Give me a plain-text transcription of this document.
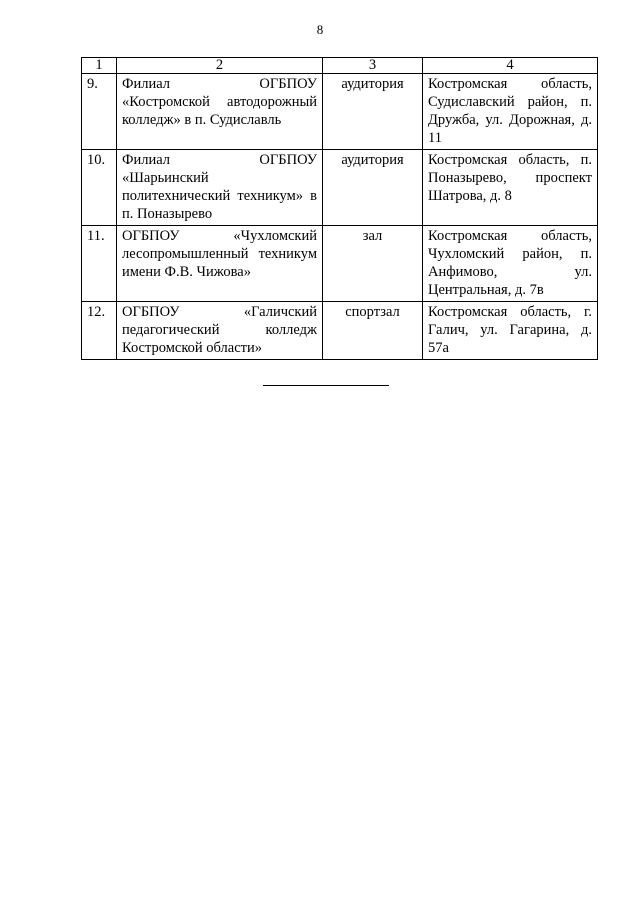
8
1	2	3	4
9.	Филиал ОГБПОУ «Костромской автодорожный колледж» в п. Судиславль	аудитория	Костромская область, Судиславский район, п. Дружба, ул. Дорожная, д. 11
10.	Филиал ОГБПОУ «Шарьинский политехнический техникум» в п. Поназырево	аудитория	Костромская область, п. Поназырево, проспект Шатрова, д. 8
11.	ОГБПОУ «Чухломский лесопромышленный техникум имени Ф.В. Чижова»	зал	Костромская область, Чухломский район, п. Анфимово, ул. Центральная, д. 7в
12.	ОГБПОУ «Галичский педагогический колледж Костромской области»	спортзал	Костромская область, г. Галич, ул. Гагарина, д. 57а
